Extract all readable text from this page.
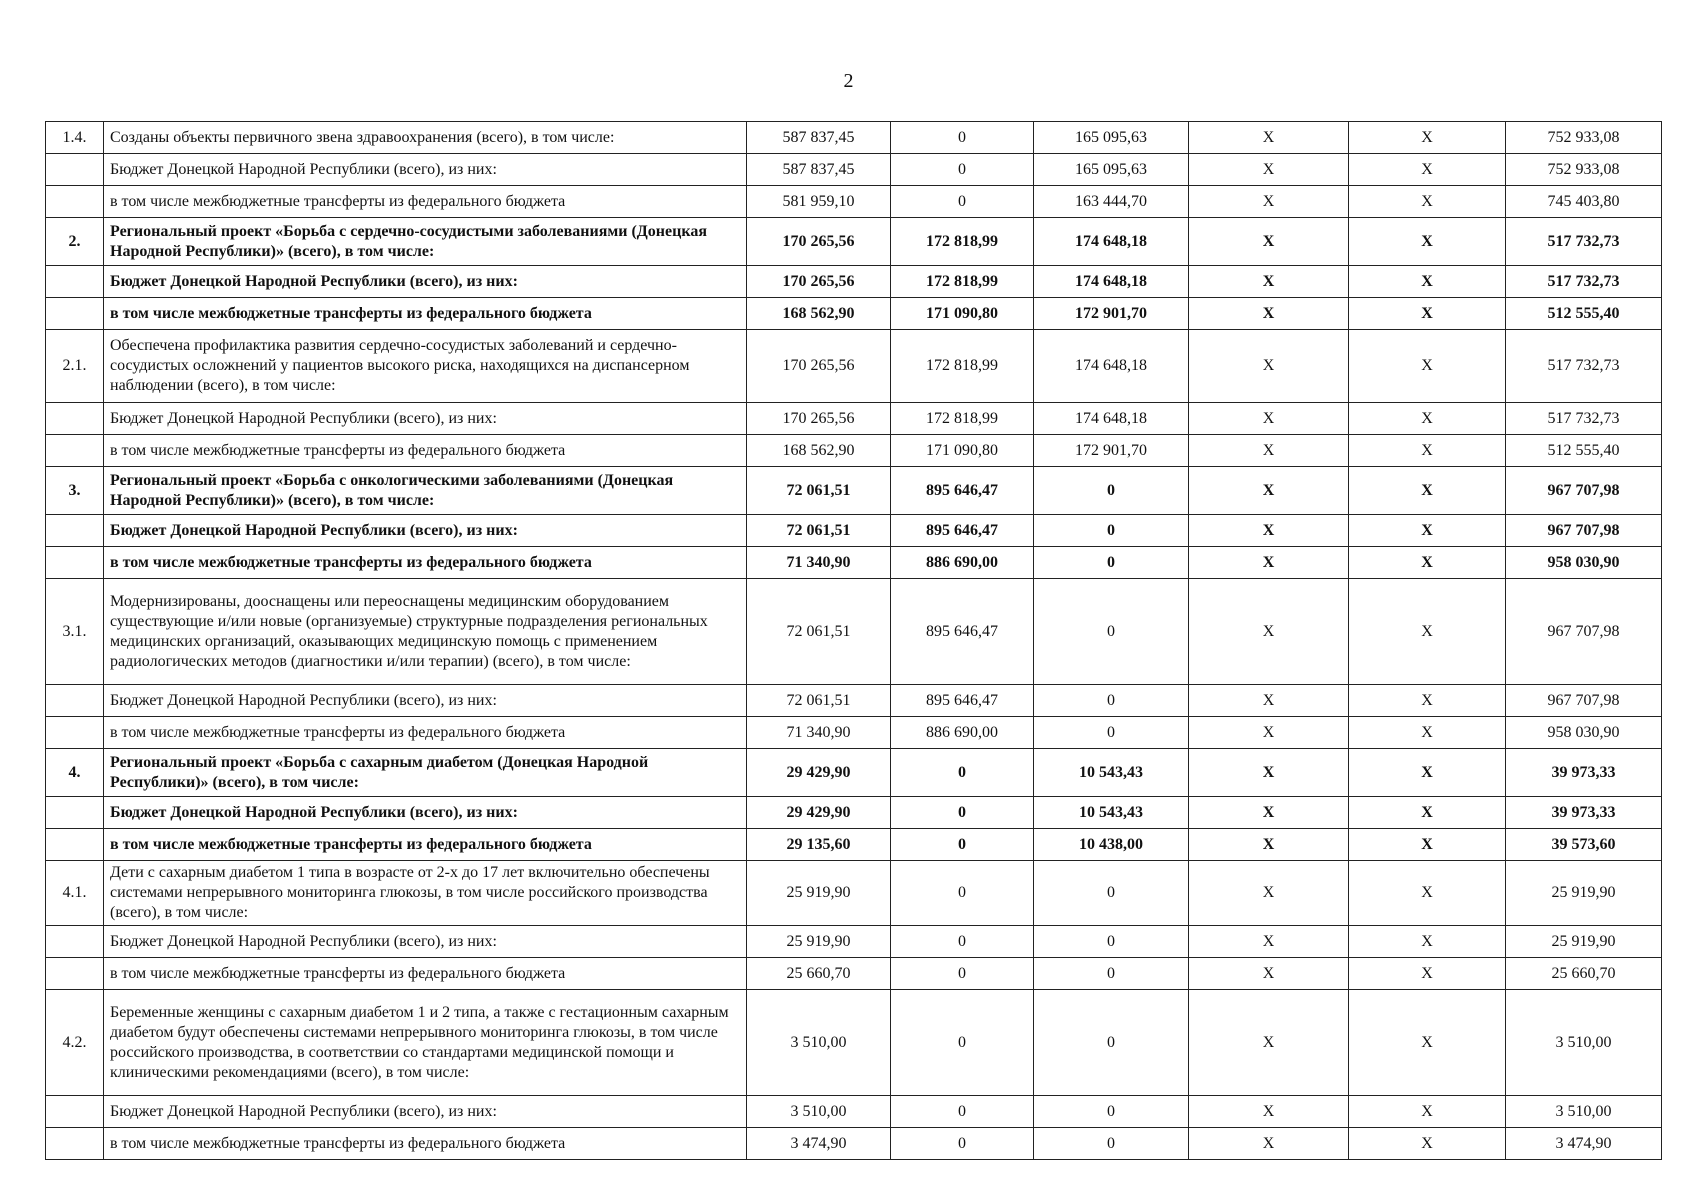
2
1.4.	Созданы объекты первичного звена здравоохранения (всего), в том числе:	587 837,45	0	165 095,63	X	X	752 933,08
	Бюджет Донецкой Народной Республики (всего), из них:	587 837,45	0	165 095,63	X	X	752 933,08
	в том числе межбюджетные трансферты из федерального бюджета	581 959,10	0	163 444,70	X	X	745 403,80
2.	Региональный проект «Борьба с сердечно-сосудистыми заболеваниями (Донецкая Народной Республики)» (всего), в том числе:	170 265,56	172 818,99	174 648,18	X	X	517 732,73
	Бюджет Донецкой Народной Республики (всего), из них:	170 265,56	172 818,99	174 648,18	X	X	517 732,73
	в том числе межбюджетные трансферты из федерального бюджета	168 562,90	171 090,80	172 901,70	X	X	512 555,40
2.1.	Обеспечена профилактика развития сердечно-сосудистых заболеваний и сердечно- сосудистых осложнений у пациентов высокого риска, находящихся на диспансерном наблюдении (всего), в том числе:	170 265,56	172 818,99	174 648,18	X	X	517 732,73
	Бюджет Донецкой Народной Республики (всего), из них:	170 265,56	172 818,99	174 648,18	X	X	517 732,73
	в том числе межбюджетные трансферты из федерального бюджета	168 562,90	171 090,80	172 901,70	X	X	512 555,40
3.	Региональный проект «Борьба с онкологическими заболеваниями (Донецкая Народной Республики)» (всего), в том числе:	72 061,51	895 646,47	0	X	X	967 707,98
	Бюджет Донецкой Народной Республики (всего), из них:	72 061,51	895 646,47	0	X	X	967 707,98
	в том числе межбюджетные трансферты из федерального бюджета	71 340,90	886 690,00	0	X	X	958 030,90
3.1.	Модернизированы, дооснащены или переоснащены медицинским оборудованием существующие и/или новые (организуемые) структурные подразделения региональных медицинских организаций, оказывающих медицинскую помощь с применением радиологических методов (диагностики и/или терапии) (всего), в том числе:	72 061,51	895 646,47	0	X	X	967 707,98
	Бюджет Донецкой Народной Республики (всего), из них:	72 061,51	895 646,47	0	X	X	967 707,98
	в том числе межбюджетные трансферты из федерального бюджета	71 340,90	886 690,00	0	X	X	958 030,90
4.	Региональный проект «Борьба с сахарным диабетом (Донецкая Народной Республики)» (всего), в том числе:	29 429,90	0	10 543,43	X	X	39 973,33
	Бюджет Донецкой Народной Республики (всего), из них:	29 429,90	0	10 543,43	X	X	39 973,33
	в том числе межбюджетные трансферты из федерального бюджета	29 135,60	0	10 438,00	X	X	39 573,60
4.1.	Дети с сахарным диабетом 1 типа в возрасте от 2-х до 17 лет включительно обеспечены системами непрерывного мониторинга глюкозы, в том числе российского производства (всего), в том числе:	25 919,90	0	0	X	X	25 919,90
	Бюджет Донецкой Народной Республики (всего), из них:	25 919,90	0	0	X	X	25 919,90
	в том числе межбюджетные трансферты из федерального бюджета	25 660,70	0	0	X	X	25 660,70
4.2.	Беременные женщины с сахарным диабетом 1 и 2 типа, а также с гестационным сахарным диабетом будут обеспечены системами непрерывного мониторинга глюкозы, в том числе российского производства, в соответствии со стандартами медицинской помощи и клиническими рекомендациями (всего), в том числе:	3 510,00	0	0	X	X	3 510,00
	Бюджет Донецкой Народной Республики (всего), из них:	3 510,00	0	0	X	X	3 510,00
	в том числе межбюджетные трансферты из федерального бюджета	3 474,90	0	0	X	X	3 474,90
